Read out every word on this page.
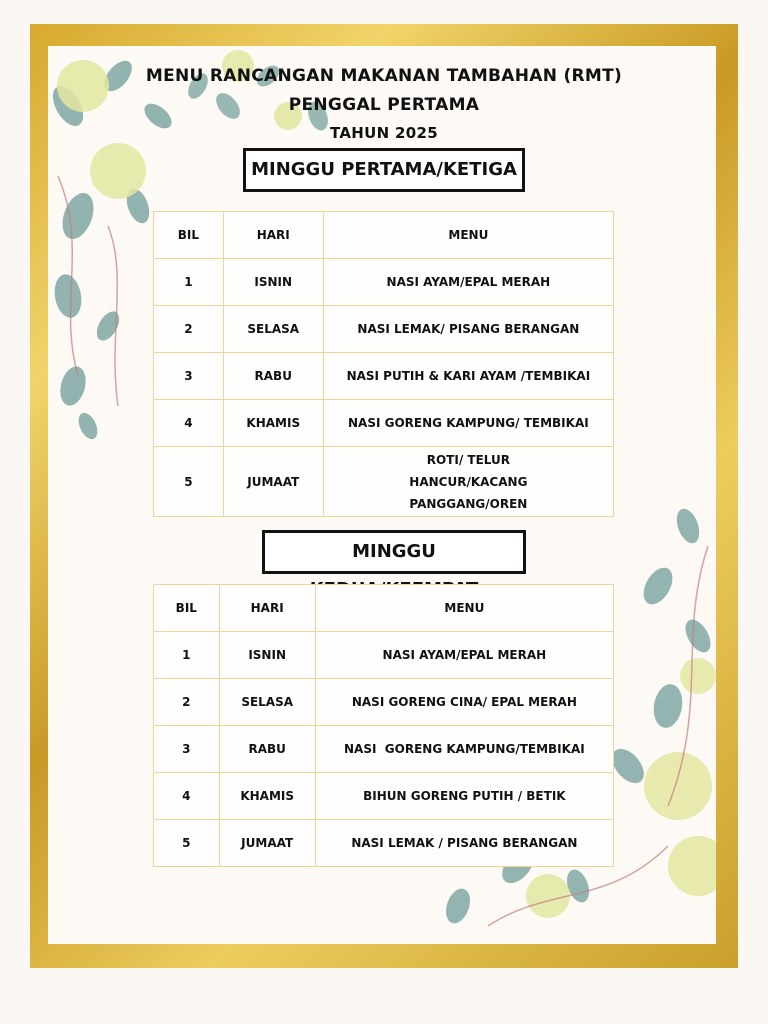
MENU RANCANGAN MAKANAN TAMBAHAN (RMT)
PENGGAL PERTAMA
TAHUN 2025
MINGGU PERTAMA/KETIGA
BIL	HARI	MENU
1	ISNIN	NASI AYAM/EPAL MERAH
2	SELASA	NASI LEMAK/ PISANG BERANGAN
3	RABU	NASI PUTIH & KARI AYAM /TEMBIKAI
4	KHAMIS	NASI GORENG KAMPUNG/ TEMBIKAI
5	JUMAAT	ROTI/ TELUR HANCUR/KACANG PANGGANG/OREN
MINGGU
BIL	HARI	MENU
1	ISNIN	NASI AYAM/EPAL MERAH
2	SELASA	NASI GORENG CINA/ EPAL MERAH
3	RABU	NASI  GORENG KAMPUNG/TEMBIKAI
4	KHAMIS	BIHUN GORENG PUTIH / BETIK
5	JUMAAT	NASI LEMAK / PISANG BERANGAN
